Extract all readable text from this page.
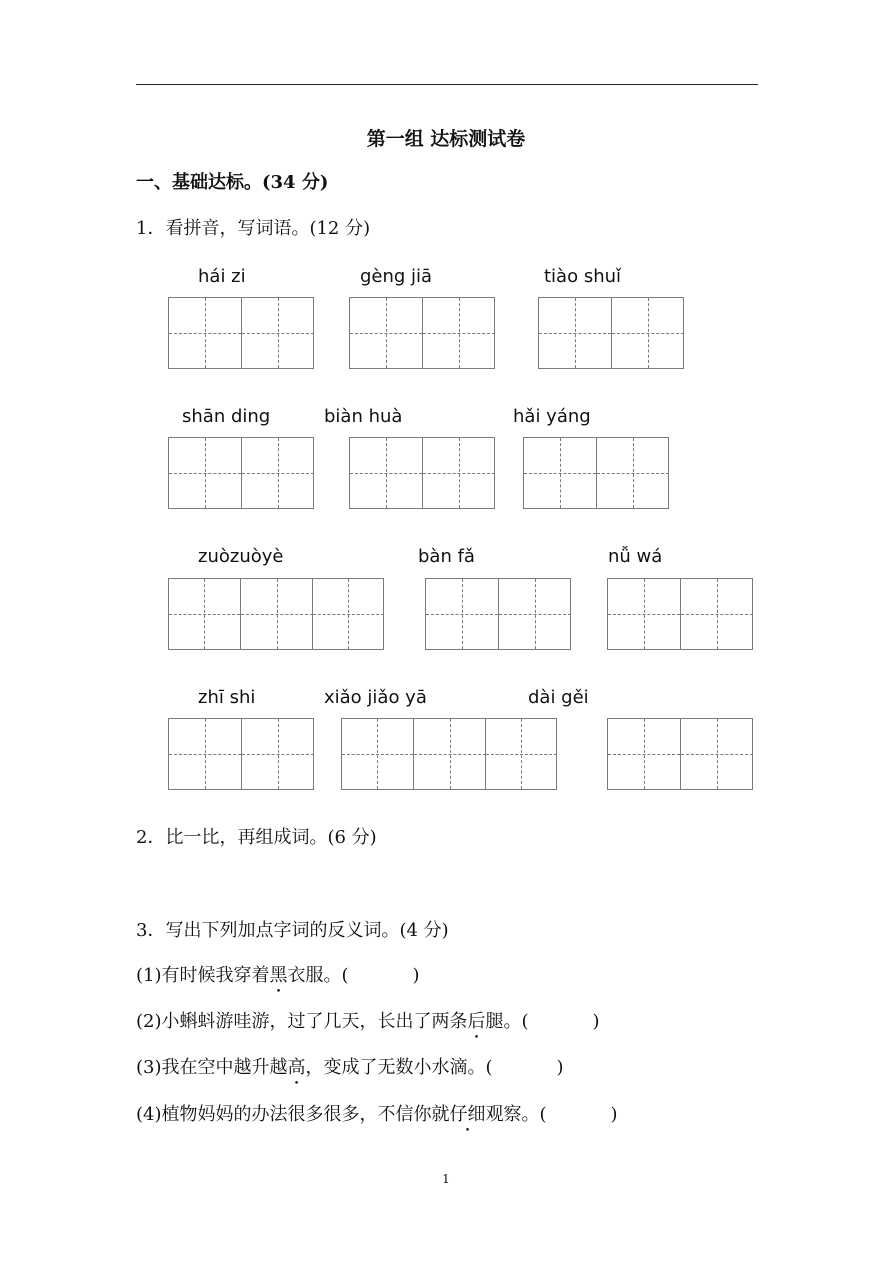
第一组 达标测试卷
一、基础达标。(34 分)
1．看拼音，写词语。(12 分)
hái zi	gèng jiā	tiào shuǐ
shān ding	biàn huà	hǎi yáng
zuòzuòyè	bàn fǎ	nǚ wá
zhī shi	xiǎo jiǎo yā	dài gěi
2．比一比，再组成词。(6 分)
3．写出下列加点字词的反义词。(4 分)
(1)有时候我穿着黑衣服。(	)
(2)小蝌蚪游哇游，过了几天，长出了两条后腿。(	)
(3)我在空中越升越高，变成了无数小水滴。(	)
(4)植物妈妈的办法很多很多，不信你就仔细观察。(	)
1
